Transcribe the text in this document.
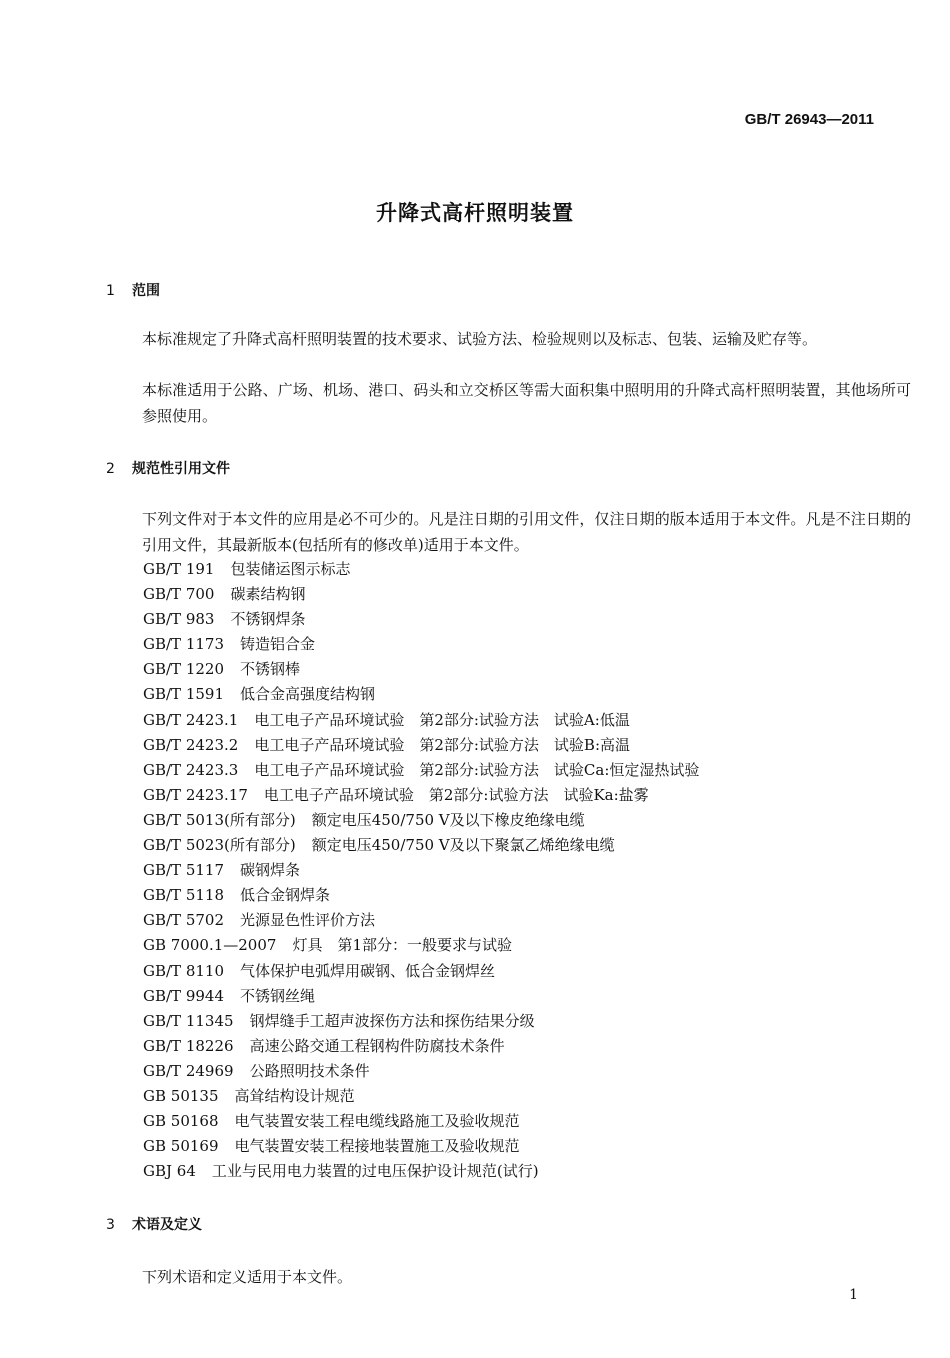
GB/T 26943—2011
升降式高杆照明装置
1 范围
本标准规定了升降式高杆照明装置的技术要求、试验方法、检验规则以及标志、包装、运输及贮存等。
本标准适用于公路、广场、机场、港口、码头和立交桥区等需大面积集中照明用的升降式高杆照明装置，其他场所可参照使用。
2 规范性引用文件
下列文件对于本文件的应用是必不可少的。凡是注日期的引用文件，仅注日期的版本适用于本文件。凡是不注日期的引用文件，其最新版本(包括所有的修改单)适用于本文件。
GB/T 191 包装储运图示标志
GB/T 700 碳素结构钢
GB/T 983 不锈钢焊条
GB/T 1173 铸造铝合金
GB/T 1220 不锈钢棒
GB/T 1591 低合金高强度结构钢
GB/T 2423.1 电工电子产品环境试验　第2部分:试验方法　试验A:低温
GB/T 2423.2 电工电子产品环境试验　第2部分:试验方法　试验B:高温
GB/T 2423.3 电工电子产品环境试验　第2部分:试验方法　试验Ca:恒定湿热试验
GB/T 2423.17 电工电子产品环境试验　第2部分:试验方法　试验Ka:盐雾
GB/T 5013(所有部分) 额定电压450/750 V及以下橡皮绝缘电缆
GB/T 5023(所有部分) 额定电压450/750 V及以下聚氯乙烯绝缘电缆
GB/T 5117 碳钢焊条
GB/T 5118 低合金钢焊条
GB/T 5702 光源显色性评价方法
GB 7000.1—2007 灯具　第1部分：一般要求与试验
GB/T 8110 气体保护电弧焊用碳钢、低合金钢焊丝
GB/T 9944 不锈钢丝绳
GB/T 11345 钢焊缝手工超声波探伤方法和探伤结果分级
GB/T 18226 高速公路交通工程钢构件防腐技术条件
GB/T 24969 公路照明技术条件
GB 50135 高耸结构设计规范
GB 50168 电气装置安装工程电缆线路施工及验收规范
GB 50169 电气装置安装工程接地装置施工及验收规范
GBJ 64 工业与民用电力装置的过电压保护设计规范(试行)
3 术语及定义
下列术语和定义适用于本文件。
1
